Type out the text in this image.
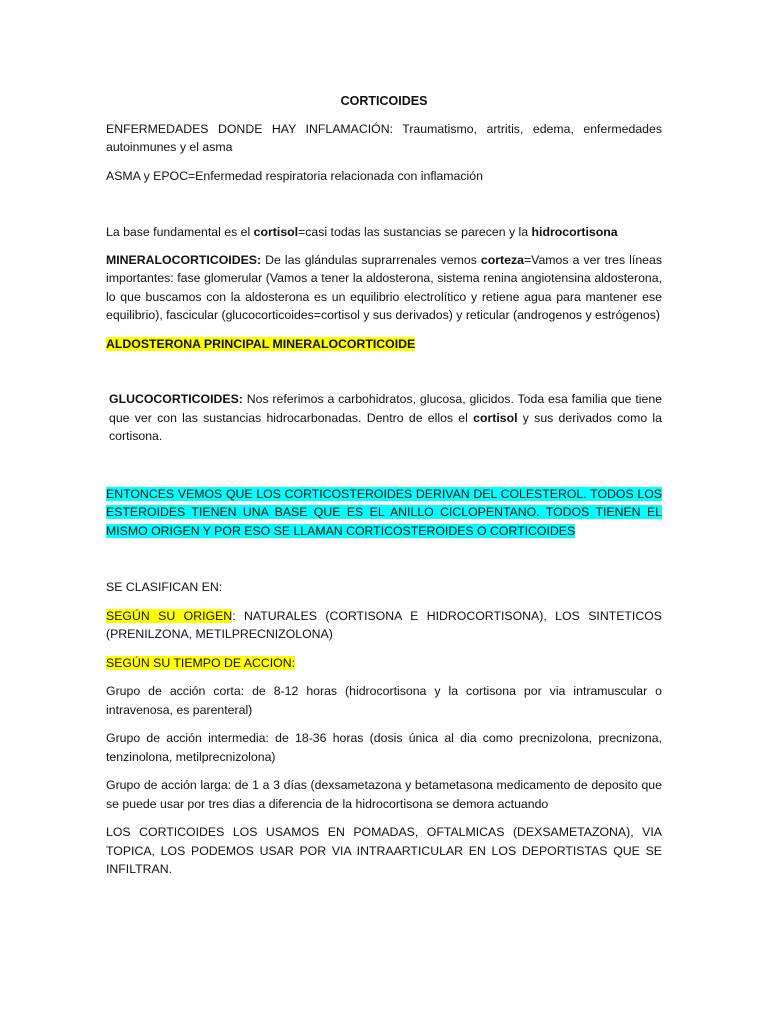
CORTICOIDES

ENFERMEDADES DONDE HAY INFLAMACIÓN: Traumatismo, artritis, edema, enfermedades autoinmunes y el asma

ASMA y EPOC=Enfermedad respiratoria relacionada con inflamación

La base fundamental es el cortisol=casi todas las sustancias se parecen y la hidrocortisona

MINERALOCORTICOIDES: De las glándulas suprarrenales vemos corteza=Vamos a ver tres líneas importantes: fase glomerular (Vamos a tener la aldosterona, sistema renina angiotensina aldosterona, lo que buscamos con la aldosterona es un equilibrio electrolítico y retiene agua para mantener ese equilibrio), fascicular (glucocorticoides=cortisol y sus derivados) y reticular (androgenos y estrógenos)

ALDOSTERONA PRINCIPAL MINERALOCORTICOIDE

GLUCOCORTICOIDES: Nos referimos a carbohidratos, glucosa, glicidos. Toda esa familia que tiene que ver con las sustancias hidrocarbonadas. Dentro de ellos el cortisol y sus derivados como la cortisona.

ENTONCES VEMOS QUE LOS CORTICOSTEROIDES DERIVAN DEL COLESTEROL. TODOS LOS ESTEROIDES TIENEN UNA BASE QUE ES EL ANILLO CICLOPENTANO. TODOS TIENEN EL MISMO ORIGEN Y POR ESO SE LLAMAN CORTICOSTEROIDES O CORTICOIDES

SE CLASIFICAN EN:

SEGÚN SU ORIGEN: NATURALES (CORTISONA E HIDROCORTISONA), LOS SINTETICOS (PRENILZONA, METILPRECNIZOLONA)

SEGÚN SU TIEMPO DE ACCION:

Grupo de acción corta: de 8-12 horas (hidrocortisona y la cortisona por via intramuscular o intravenosa, es parenteral)

Grupo de acción intermedia: de 18-36 horas (dosis única al dia como precnizolona, precnizona, tenzinolona, metilprecnizolona)

Grupo de acción larga: de 1 a 3 días (dexsametazona y betametasona medicamento de deposito que se puede usar por tres dias a diferencia de la hidrocortisona se demora actuando

LOS CORTICOIDES LOS USAMOS EN POMADAS, OFTALMICAS (DEXSAMETAZONA), VIA TOPICA, LOS PODEMOS USAR POR VIA INTRAARTICULAR EN LOS DEPORTISTAS QUE SE INFILTRAN.
